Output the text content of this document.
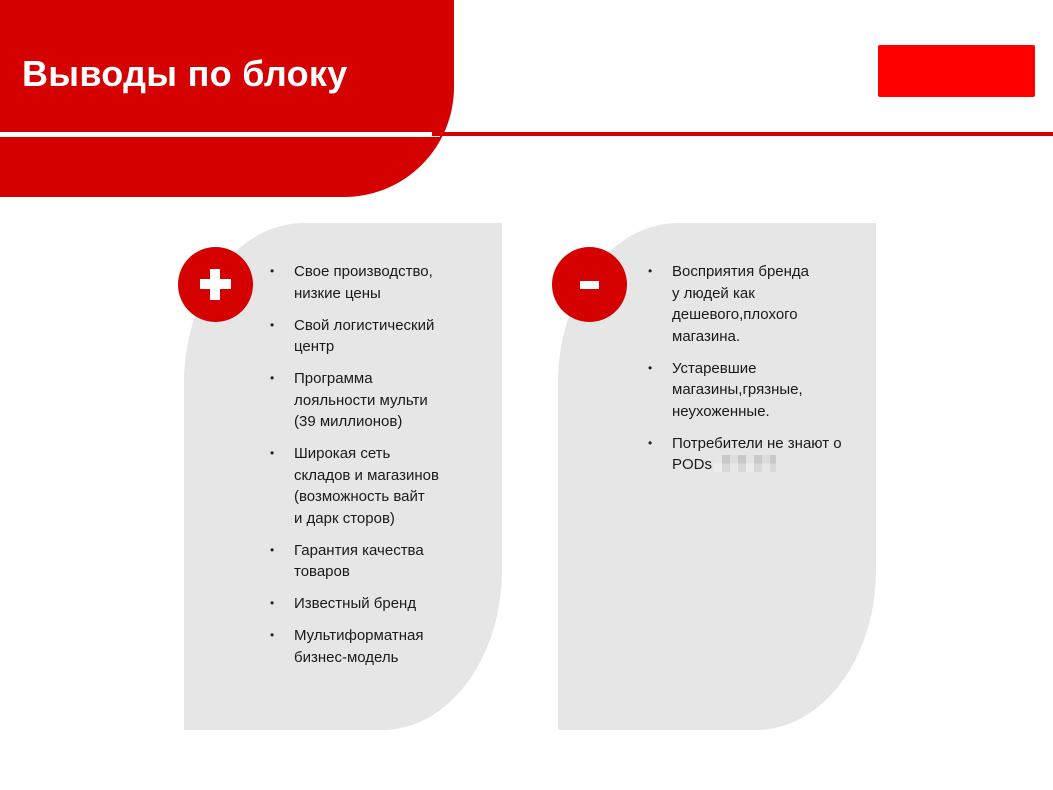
Выводы по блоку
• Свое производство,
низкие цены
• Свой логистический
центр
• Программа
лояльности мульти
(39 миллионов)
• Широкая сеть
складов и магазинов
(возможность вайт
и дарк сторов)
• Гарантия качества
товаров
• Известный бренд
• Мультиформатная
бизнес-модель
• Восприятия бренда
у людей как
дешевого,плохого
магазина.
• Устаревшие
магазины,грязные,
неухоженные.
• Потребители не знают о
PODs
